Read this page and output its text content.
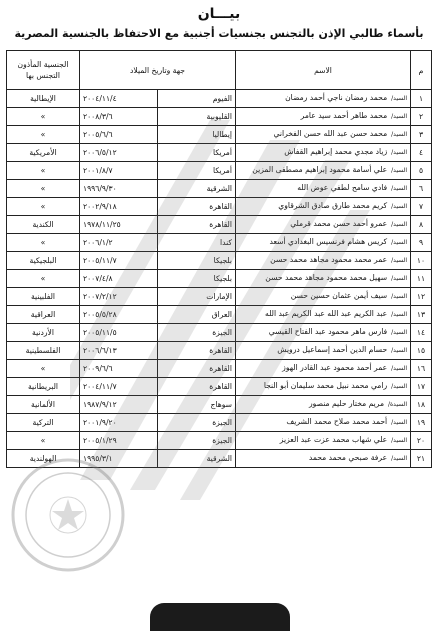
بيـــان
بأسماء طالبي الإذن بالتجنس بجنسيات أجنبية مع الاحتفاظ بالجنسية المصرية
م	الاسم	جهة وتاريخ الميلاد		الجنسية المأذون التجنس بها
١	السيد/محمد رمضان ناجي أحمد رمضان	الفيوم	٢٠٠٤/١١/٤	الإيطالية
٢	السيد/محمد طاهر أحمد سيد عامر	القليوبية	٢٠٠٨/٣/٦	»
٣	السيد/محمد حسن عبد الله حسن الفخراني	إيطاليا	٢٠٠٥/٦/٦	»
٤	السيد/زياد مجدي محمد إبراهيم القفاش	أمريكا	٢٠٠٦/٥/١٢	الأمريكية
٥	السيد/علي أسامة محمود إبراهيم مصطفى المزين	أمريكا	٢٠٠١/٨/٧	»
٦	السيد/فادي سامح لطفي عوض الله	الشرقية	١٩٩٦/٩/٣٠	»
٧	السيد/كريم محمد طارق صادق الشرقاوي	القاهرة	٢٠٠٢/٩/١٨	»
٨	السيد/عمرو أحمد حسن محمد قرملي	القاهرة	١٩٧٨/١١/٢٥	الكندية
٩	السيد/كريس هشام فرنسيس البغدادي أسعد	كندا	٢٠٠٦/١/٢	»
١٠	السيد/عمر محمد محمود مجاهد محمد حسن	بلجيكا	٢٠٠٥/١١/٧	البلجيكية
١١	السيد/سهيل محمد محمود مجاهد محمد حسن	بلجيكا	٢٠٠٧/٤/٨	»
١٢	السيد/سيف أيمن عثمان حسين حسن	الإمارات	٢٠٠٧/٢/١٢	الفلبينية
١٣	السيد/عبد الكريم عبد الله عبد الكريم عبد الله	العراق	٢٠٠٥/٥/٢٨	العراقية
١٤	السيد/فارس ماهر محمود عبد الفتاح القيسي	الجيزة	٢٠٠٥/١١/٥	الأردنية
١٥	السيد/حسام الدين أحمد إسماعيل درويش	القاهرة	٢٠٠٦/٦/١٣	الفلسطينية
١٦	السيد/عمر أحمد محمود عبد القادر الهوز	القاهرة	٢٠٠٩/٦/٦	»
١٧	السيد/رامي محمد نبيل محمد سليمان أبو النجا	القاهرة	٢٠٠٤/١١/٧	البريطانية
١٨	السيدة/مريم مختار حليم منصور	سوهاج	١٩٨٧/٩/١٢	الألمانية
١٩	السيد/أحمد محمد صلاح محمد الشريف	الجيزة	٢٠٠١/٩/٢٠	التركية
٢٠	السيد/علي شهاب محمد عزت عبد العزيز	الجيزة	٢٠٠٥/١/٢٩	»
٢١	السيد/عرفة صبحي محمد محمد	الشرقية	١٩٩٥/٣/١	الهولندية
